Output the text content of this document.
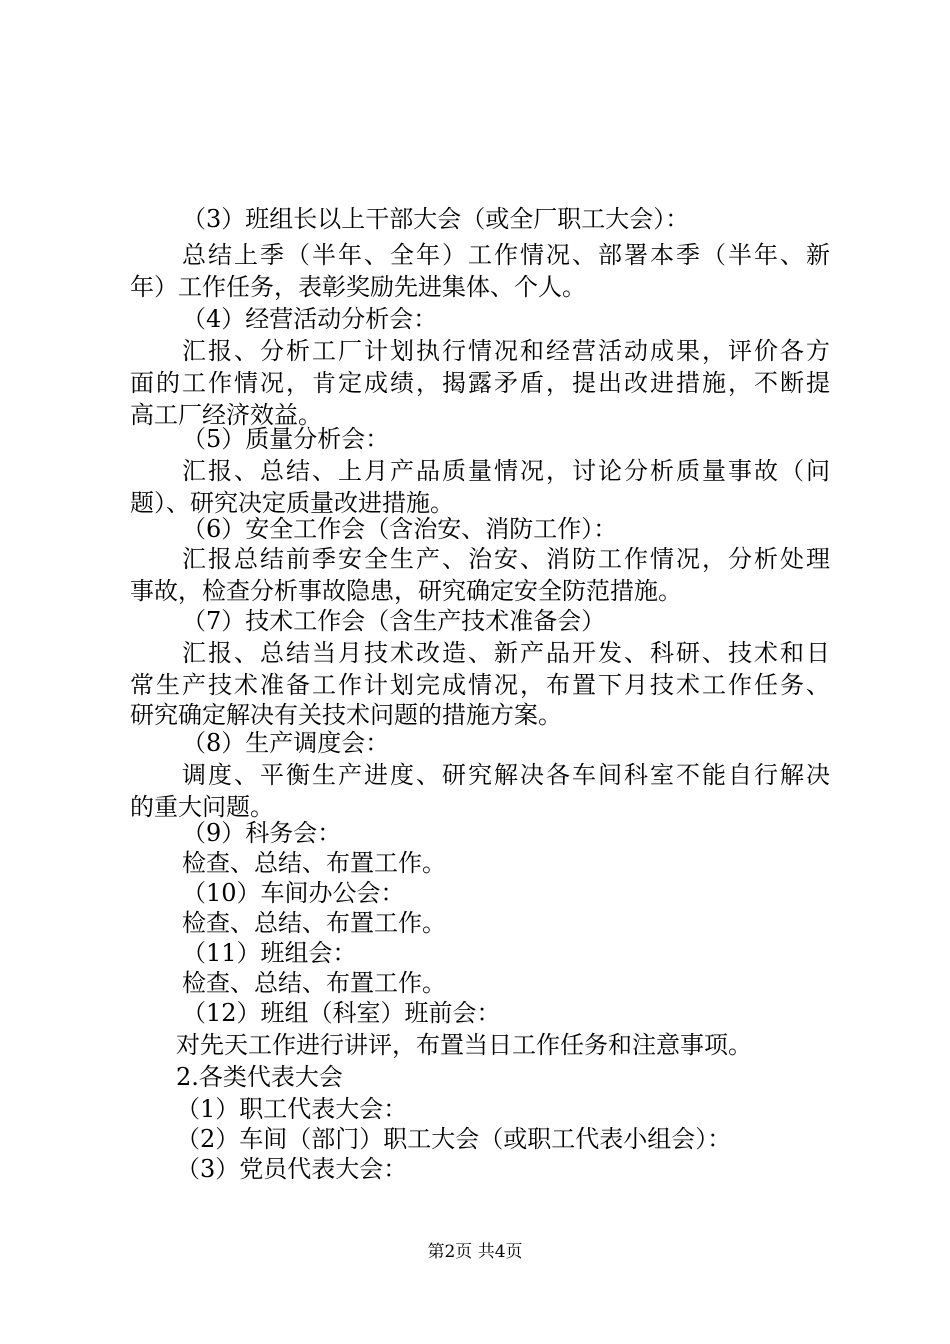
（3）班组长以上干部大会（或全厂职工大会）：
总结上季（半年、全年）工作情况、部署本季（半年、新
年）工作任务，表彰奖励先进集体、个人。
（4）经营活动分析会：
汇报、分析工厂计划执行情况和经营活动成果，评价各方
面的工作情况，肯定成绩，揭露矛盾，提出改进措施，不断提
高工厂经济效益。
（5）质量分析会：
汇报、总结、上月产品质量情况，讨论分析质量事故（问
题）、研究决定质量改进措施。
（6）安全工作会（含治安、消防工作）：
汇报总结前季安全生产、治安、消防工作情况，分析处理
事故，检查分析事故隐患，研究确定安全防范措施。
（7）技术工作会（含生产技术准备会）
汇报、总结当月技术改造、新产品开发、科研、技术和日
常生产技术准备工作计划完成情况，布置下月技术工作任务、
研究确定解决有关技术问题的措施方案。
（8）生产调度会：
调度、平衡生产进度、研究解决各车间科室不能自行解决
的重大问题。
（9）科务会：
检查、总结、布置工作。
（10）车间办公会：
检查、总结、布置工作。
（11）班组会：
检查、总结、布置工作。
（12）班组（科室）班前会：
对先天工作进行讲评，布置当日工作任务和注意事项。
2.各类代表大会
（1）职工代表大会：
（2）车间（部门）职工大会（或职工代表小组会）：
（3）党员代表大会：
第2页 共4页
